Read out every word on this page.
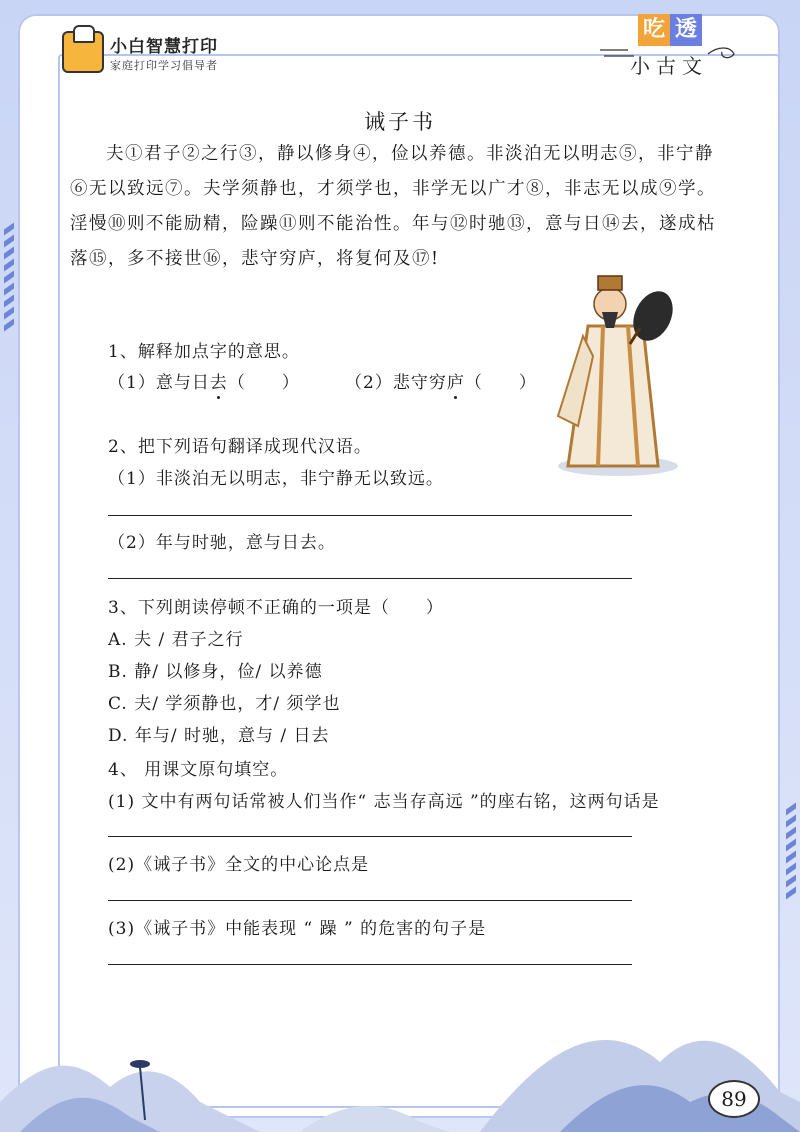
小白智慧打印
家庭打印学习倡导者
吃 透
小古文
诫子书
夫①君子②之行③，静以修身④，俭以养德。非淡泊无以明志⑤，非宁静⑥无以致远⑦。夫学须静也，才须学也，非学无以广才⑧，非志无以成⑨学。淫慢⑩则不能励精，险躁⑪则不能治性。年与⑫时驰⑬，意与日⑭去，遂成枯落⑮，多不接世⑯，悲守穷庐，将复何及⑰!
1、解释加点字的意思。
（1）意与日去（　　）	（2）悲守穷庐（　　）
2、把下列语句翻译成现代汉语。
（1）非淡泊无以明志，非宁静无以致远。
（2）年与时驰，意与日去。
3、下列朗读停顿不正确的一项是（　　）
A. 夫 / 君子之行
B. 静/ 以修身，俭/ 以养德
C. 夫/ 学须静也，才/ 须学也
D. 年与/ 时驰，意与 / 日去
4、 用课文原句填空。
(1) 文中有两句话常被人们当作“ 志当存高远 ”的座右铭，这两句话是
(2)《诫子书》全文的中心论点是
(3)《诫子书》中能表现 “ 躁 ” 的危害的句子是
89
